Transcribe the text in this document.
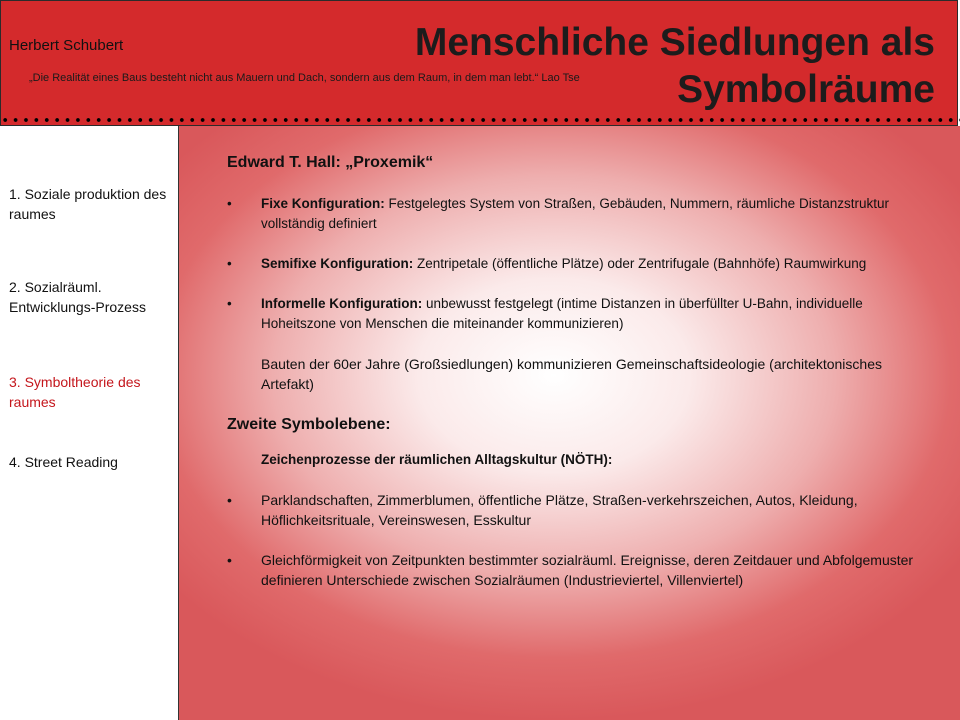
Herbert Schubert
„Die Realität eines Baus besteht nicht aus Mauern und Dach, sondern aus dem Raum, in dem man lebt.“ Lao Tse
Menschliche Siedlungen als
Symbolräume
1. Soziale produktion des raumes
2. Sozialräuml. Entwicklungs-Prozess
3. Symboltheorie des raumes
4. Street Reading
Edward T. Hall: „Proxemik“
• Fixe Konfiguration: Festgelegtes System von Straßen, Gebäuden, Nummern, räumliche Distanzstruktur vollständig definiert
• Semifixe Konfiguration: Zentripetale (öffentliche Plätze) oder Zentrifugale (Bahnhöfe) Raumwirkung
• Informelle Konfiguration: unbewusst festgelegt (intime Distanzen in überfüllter U-Bahn, individuelle Hoheitszone von Menschen die miteinander kommunizieren)
Bauten der 60er Jahre (Großsiedlungen) kommunizieren Gemeinschaftsideologie (architektonisches Artefakt)
Zweite Symbolebene:
Zeichenprozesse der räumlichen Alltagskultur (NÖTH):
• Parklandschaften, Zimmerblumen, öffentliche Plätze, Straßen-verkehrszeichen, Autos, Kleidung, Höflichkeitsrituale, Vereinswesen, Esskultur
• Gleichförmigkeit von Zeitpunkten bestimmter sozialräuml. Ereignisse, deren Zeitdauer und Abfolgemuster definieren Unterschiede zwischen Sozialräumen (Industrieviertel, Villenviertel)
